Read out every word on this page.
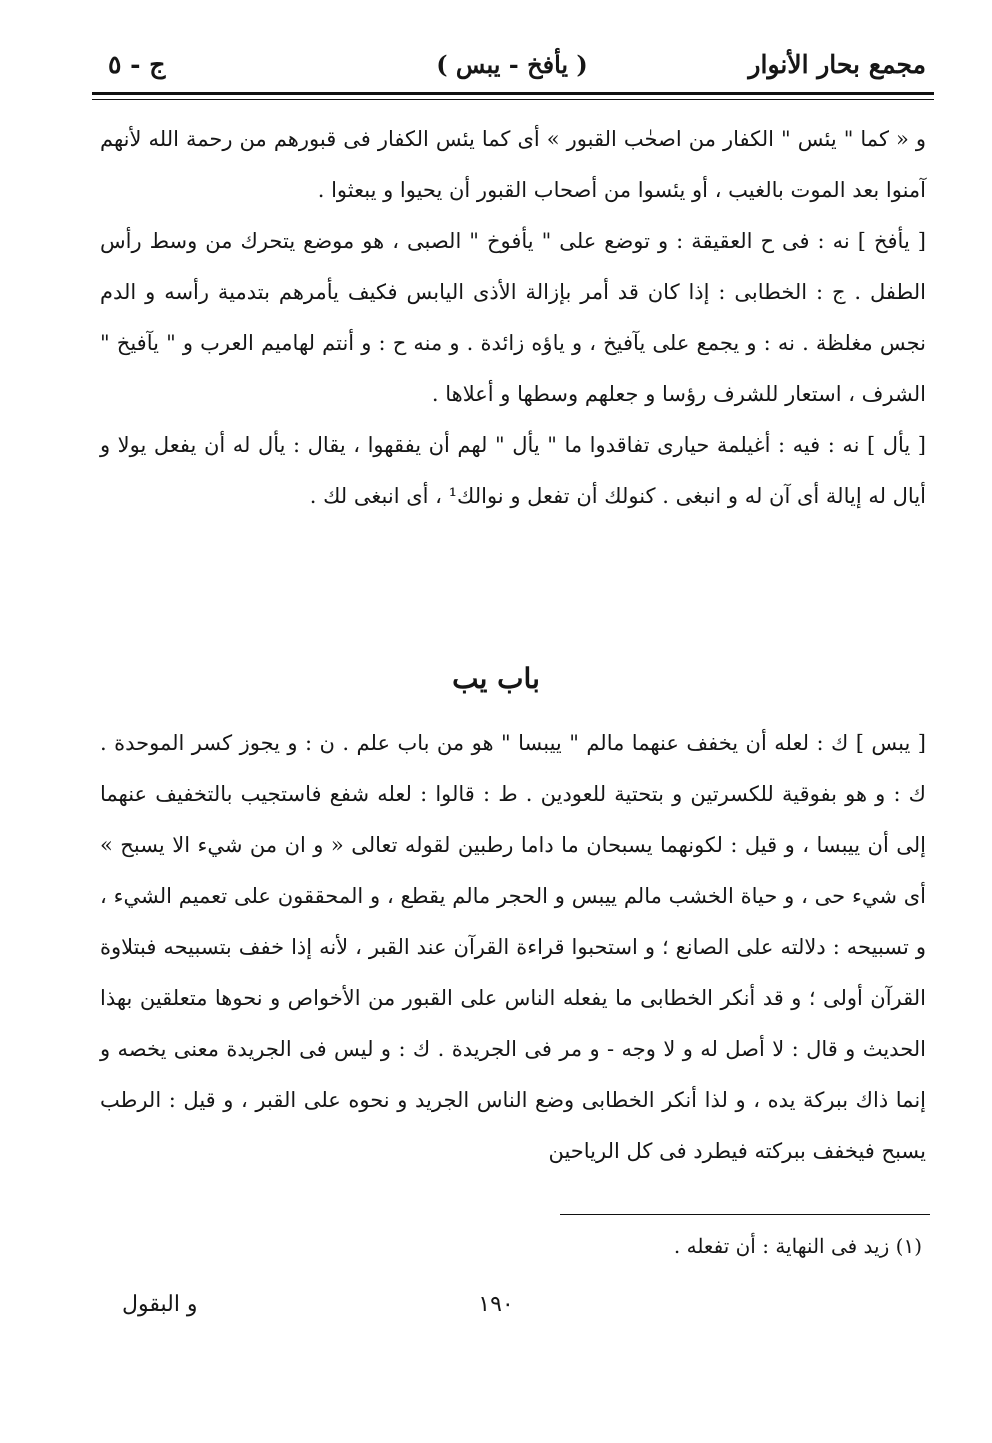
مجمع بحار الأنوار
( يأفخ - يبس )
ج - ٥

و « كما " يئس " الكفار من اصحٰب القبور » أى كما يئس الكفار فى قبورهم من رحمة الله لأنهم آمنوا بعد الموت بالغيب ، أو يئسوا من أصحاب القبور أن يحيوا و يبعثوا .

[ يأفخ ] نه : فى ح العقيقة : و توضع على " يأفوخ " الصبى ، هو موضع يتحرك من وسط رأس الطفل . ج : الخطابى : إذا كان قد أمر بإزالة الأذى اليابس فكيف يأمرهم بتدمية رأسه و الدم نجس مغلظة . نه : و يجمع على يآفيخ ، و ياؤه زائدة . و منه ح : و أنتم لهاميم العرب و " يآفيخ " الشرف ، استعار للشرف رؤسا و جعلهم وسطها و أعلاها .

[ يأل ] نه : فيه : أغيلمة حيارى تفاقدوا ما " يأل " لهم أن يفقهوا ، يقال : يأل له أن يفعل يولا و أيال له إيالة أى آن له و انبغى . كنولك أن تفعل و نوالك¹ ، أى انبغى لك .

باب يب

[ يبس ] ك : لعله أن يخفف عنهما مالم " ييبسا " هو من باب علم . ن : و يجوز كسر الموحدة . ك : و هو بفوقية للكسرتين و بتحتية للعودين . ط : قالوا : لعله شفع فاستجيب بالتخفيف عنهما إلى أن ييبسا ، و قيل : لكونهما يسبحان ما داما رطبين لقوله تعالى « و ان من شيء الا يسبح » أى شيء حى ، و حياة الخشب مالم ييبس و الحجر مالم يقطع ، و المحققون على تعميم الشيء ، و تسبيحه : دلالته على الصانع ؛ و استحبوا قراءة القرآن عند القبر ، لأنه إذا خفف بتسبيحه فبتلاوة القرآن أولى ؛ و قد أنكر الخطابى ما يفعله الناس على القبور من الأخواص و نحوها متعلقين بهذا الحديث و قال : لا أصل له و لا وجه - و مر فى الجريدة . ك : و ليس فى الجريدة معنى يخصه و إنما ذاك ببركة يده ، و لذا أنكر الخطابى وضع الناس الجريد و نحوه على القبر ، و قيل : الرطب يسبح فيخفف ببركته فيطرد فى كل الرياحين

(١) زيد فى النهاية : أن تفعله .
١٩٠
و البقول
